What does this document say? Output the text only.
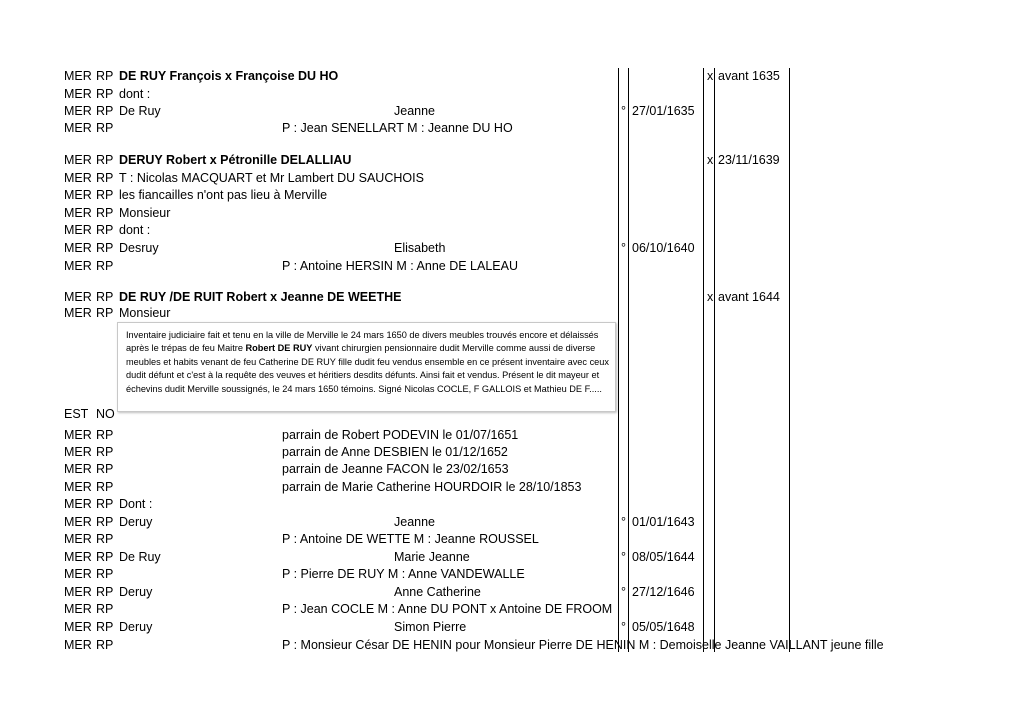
MER RP DE RUY François x Françoise DU HO	x avant 1635
MER RP dont :
MER RP De Ruy	Jeanne	° 27/01/1635
MER RP	P : Jean SENELLART M : Jeanne DU HO
MER RP DERUY Robert x Pétronille DELALLIAU	x 23/11/1639
MER RP T : Nicolas MACQUART et Mr Lambert DU SAUCHOIS
MER RP les fiancailles n'ont pas lieu à Merville
MER RP Monsieur
MER RP dont :
MER RP Desruy	Elisabeth	° 06/10/1640
MER RP	P : Antoine HERSIN M : Anne DE LALEAU
MER RP DE RUY /DE RUIT Robert x Jeanne DE WEETHE	x avant 1644
MER RP Monsieur
EST NO
MER RP	parrain de Robert PODEVIN le 01/07/1651
MER RP	parrain de Anne DESBIEN le 01/12/1652
MER RP	parrain de Jeanne FACON le 23/02/1653
MER RP	parrain de Marie Catherine HOURDOIR le 28/10/1853
MER RP Dont :
MER RP Deruy	Jeanne	° 01/01/1643
MER RP	P : Antoine DE WETTE M : Jeanne ROUSSEL
MER RP De Ruy	Marie Jeanne	° 08/05/1644
MER RP	P : Pierre DE RUY M : Anne VANDEWALLE
MER RP Deruy	Anne Catherine	° 27/12/1646
MER RP	P : Jean COCLE M : Anne DU PONT x Antoine DE FROOM
MER RP Deruy	Simon Pierre	° 05/05/1648
MER RP	P : Monsieur César DE HENIN pour Monsieur Pierre DE HENIN M : Demoiselle Jeanne VAILLANT jeune fille
Inventaire judiciaire fait et tenu en la ville de Merville le 24 mars 1650 de divers meubles trouvés encore et délaissés après le trépas de feu Maitre Robert DE RUY vivant chirurgien pensionnaire dudit Merville comme aussi de diverse meubles et habits venant de feu Catherine DE RUY fille dudit feu vendus ensemble en ce présent inventaire avec ceux dudit défunt et c'est à la requête des veuves et héritiers desdits défunts. Ainsi fait et vendus. Présent le dit mayeur et échevins dudit Merville soussignés, le 24 mars 1650 témoins. Signé Nicolas COCLE, F GALLOIS et Mathieu DE F.....
